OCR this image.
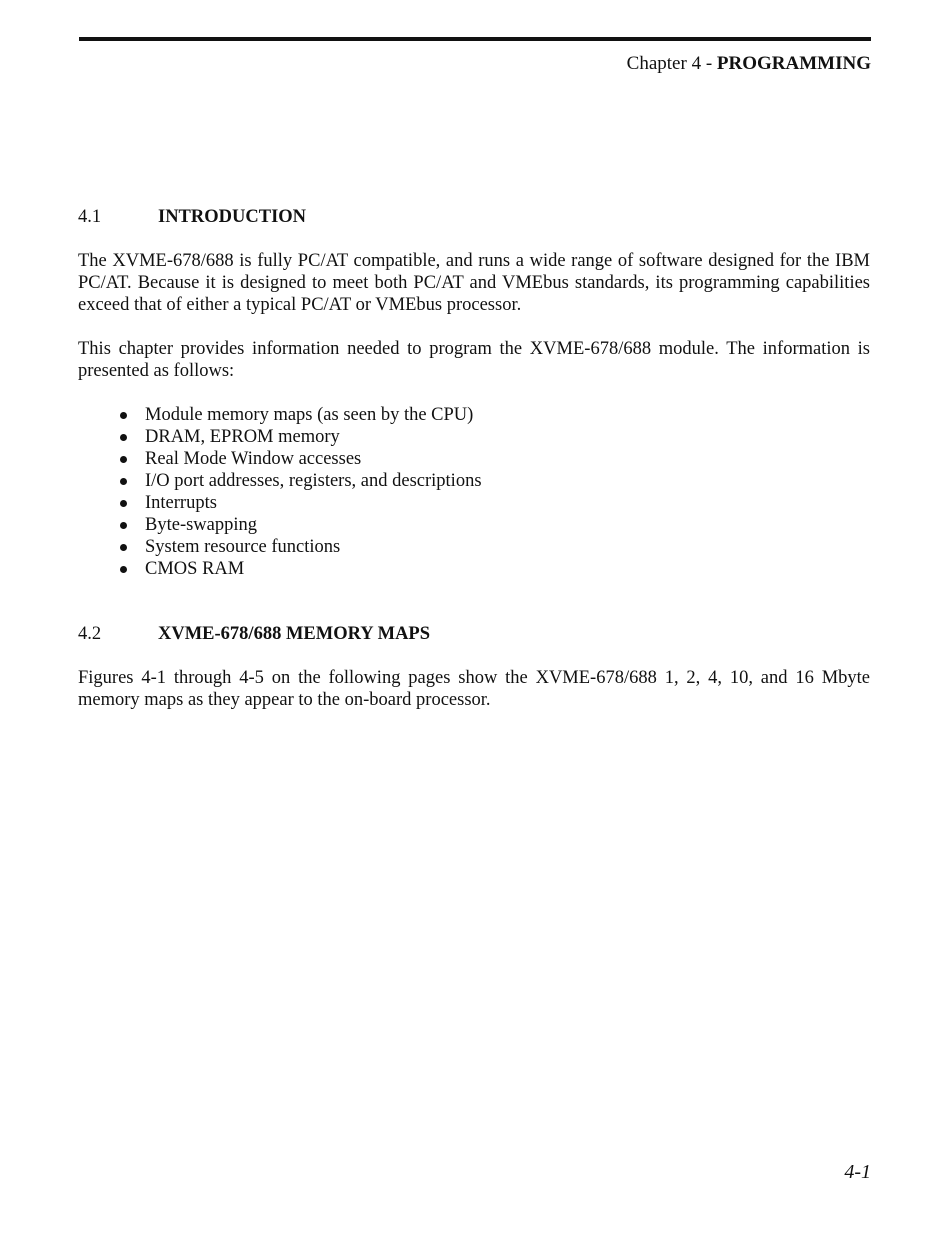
Chapter 4 - PROGRAMMING
4.1	INTRODUCTION

The XVME-678/688 is fully PC/AT compatible, and runs a wide range of software designed for the IBM PC/AT. Because it is designed to meet both PC/AT and VMEbus standards, its programming capabilities exceed that of either a typical PC/AT or VMEbus processor.

This chapter provides information needed to program the XVME-678/688 module. The information is presented as follows:

Module memory maps (as seen by the CPU)
DRAM, EPROM memory
Real Mode Window accesses
I/O port addresses, registers, and descriptions
Interrupts
Byte-swapping
System resource functions
CMOS RAM
4.2	XVME-678/688 MEMORY MAPS

Figures 4-1 through 4-5 on the following pages show the XVME-678/688 1, 2, 4, 10, and 16 Mbyte memory maps as they appear to the on-board processor.

4-1
